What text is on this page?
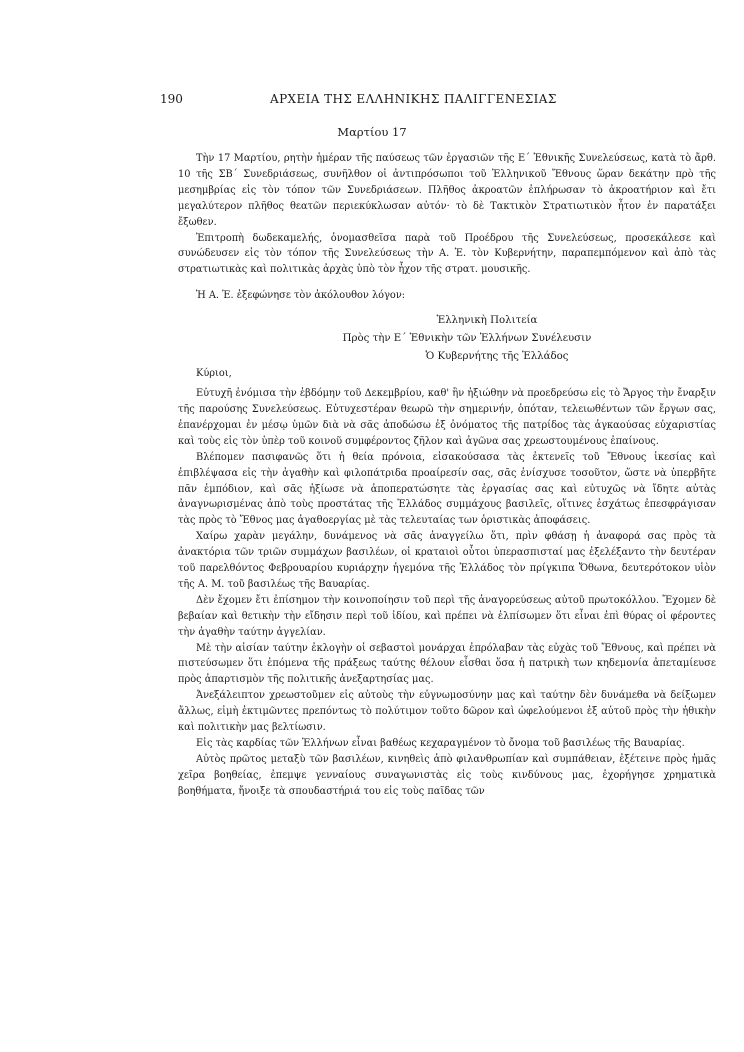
190	ΑΡΧΕΙΑ ΤΗΣ ΕΛΛΗΝΙΚΗΣ ΠΑΛΙΓΓΕΝΕΣΙΑΣ
Μαρτίου 17

Τὴν 17 Μαρτίου, ρητὴν ἡμέραν τῆς παύσεως τῶν ἐργασιῶν τῆς Ε΄ Ἐθνικῆς Συνελεύσεως, κατὰ τὸ ἄρθ. 10 τῆς ΣΒ΄ Συνεδριάσεως, συνῆλθον οἱ ἀντιπρόσωποι τοῦ Ἑλληνικοῦ Ἔθνους ὥραν δεκάτην πρὸ τῆς μεσημβρίας εἰς τὸν τόπον τῶν Συνεδριάσεων. Πλῆθος ἀκροατῶν ἐπλήρωσαν τὸ ἀκροατήριον καὶ ἔτι μεγαλύτερον πλῆθος θεατῶν περιεκύκλωσαν αὐτόν· τὸ δὲ Τακτικὸν Στρατιωτικὸν ἦτον ἐν παρατάξει ἔξωθεν.

Ἐπιτροπὴ δωδεκαμελής, ὀνομασθεῖσα παρὰ τοῦ Προέδρου τῆς Συνελεύσεως, προσεκάλεσε καὶ συνώδευσεν εἰς τὸν τόπον τῆς Συνελεύσεως τὴν Α. Ἐ. τὸν Κυβερνήτην, παραπεμπόμενον καὶ ἀπὸ τὰς στρατιωτικὰς καὶ πολιτικὰς ἀρχὰς ὑπὸ τὸν ἦχον τῆς στρατ. μουσικῆς.

Ἡ Α. Ἐ. ἐξεφώνησε τὸν ἀκόλουθον λόγον:

Ἑλληνικὴ Πολιτεία
Πρὸς τὴν Ε΄ Ἐθνικὴν τῶν Ἑλλήνων Συνέλευσιν
Ὁ Κυβερνήτης τῆς Ἑλλάδος

Κύριοι,

Εὐτυχῆ ἐνόμισα τὴν ἑβδόμην τοῦ Δεκεμβρίου, καθ' ἣν ἠξιώθην νὰ προεδρεύσω εἰς τὸ Ἄργος τὴν ἔναρξιν τῆς παρούσης Συνελεύσεως. Εὐτυχεστέραν θεωρῶ τὴν σημερινήν, ὁπόταν, τελειωθέντων τῶν ἔργων σας, ἐπανέρχομαι ἐν μέσῳ ὑμῶν διὰ νὰ σᾶς ἀποδώσω ἐξ ὀνόματος τῆς πατρίδος τὰς ἀγκαούσας εὐχαριστίας καὶ τοὺς εἰς τὸν ὑπὲρ τοῦ κοινοῦ συμφέροντος ζῆλον καὶ ἀγῶνα σας χρεωστουμένους ἐπαίνους.

Βλέπομεν πασιφανῶς ὅτι ἡ θεία πρόνοια, εἰσακούσασα τὰς ἐκτενεῖς τοῦ Ἔθνους ἱκεσίας καὶ ἐπιβλέψασα εἰς τὴν ἀγαθὴν καὶ φιλοπάτριδα προαίρεσίν σας, σᾶς ἐνίσχυσε τοσοῦτον, ὥστε νὰ ὑπερβῆτε πᾶν ἐμπόδιον, καὶ σᾶς ἠξίωσε νὰ ἀποπερατώσητε τὰς ἐργασίας σας καὶ εὐτυχῶς νὰ ἴδητε αὐτὰς ἀναγνωρισμένας ἀπὸ τοὺς προστάτας τῆς Ἑλλάδος συμμάχους βασιλεῖς, οἵτινες ἐσχάτως ἐπεσφράγισαν τὰς πρὸς τὸ Ἔθνος μας ἀγαθοεργίας μὲ τὰς τελευταίας των ὁριστικὰς ἀποφάσεις.

Χαίρω χαρὰν μεγάλην, δυνάμενος νὰ σᾶς ἀναγγείλω ὅτι, πρὶν φθάσῃ ἡ ἀναφορά σας πρὸς τὰ ἀνακτόρια τῶν τριῶν συμμάχων βασιλέων, οἱ κραταιοὶ οὗτοι ὑπερασπισταί μας ἐξελέξαντο τὴν δευτέραν τοῦ παρελθόντος Φεβρουαρίου κυριάρχην ἡγεμόνα τῆς Ἑλλάδος τὸν πρίγκιπα Ὄθωνα, δευτερότοκον υἱὸν τῆς Α. Μ. τοῦ βασιλέως τῆς Βαυαρίας.

Δὲν ἔχομεν ἔτι ἐπίσημον τὴν κοινοποίησιν τοῦ περὶ τῆς ἀναγορεύσεως αὐτοῦ πρωτοκόλλου. Ἔχομεν δὲ βεβαίαν καὶ θετικὴν τὴν εἴδησιν περὶ τοῦ ἰδίου, καὶ πρέπει νὰ ἐλπίσωμεν ὅτι εἶναι ἐπὶ θύρας οἱ φέροντες τὴν ἀγαθὴν ταύτην ἀγγελίαν.

Μὲ τὴν αἰσίαν ταύτην ἐκλογὴν οἱ σεβαστοὶ μονάρχαι ἐπρόλαβαν τὰς εὐχὰς τοῦ Ἔθνους, καὶ πρέπει νὰ πιστεύσωμεν ὅτι ἑπόμενα τῆς πράξεως ταύτης θέλουν εἶσθαι ὅσα ἡ πατρικὴ των κηδεμονία ἀπεταμίευσε πρὸς ἀπαρτισμὸν τῆς πολιτικῆς ἀνεξαρτησίας μας.

Ἀνεξάλειπτον χρεωστοῦμεν εἰς αὐτοὺς τὴν εὐγνωμοσύνην μας καὶ ταύτην δὲν δυνάμεθα νὰ δείξωμεν ἄλλως, εἰμὴ ἐκτιμῶντες πρεπόντως τὸ πολύτιμον τοῦτο δῶρον καὶ ὠφελούμενοι ἐξ αὐτοῦ πρὸς τὴν ἠθικὴν καὶ πολιτικὴν μας βελτίωσιν.

Εἰς τὰς καρδίας τῶν Ἑλλήνων εἶναι βαθέως κεχαραγμένον τὸ ὄνομα τοῦ βασιλέως τῆς Βαυαρίας.

Αὐτὸς πρῶτος μεταξὺ τῶν βασιλέων, κινηθεὶς ἀπὸ φιλανθρωπίαν καὶ συμπάθειαν, ἐξέτεινε πρὸς ἡμᾶς χεῖρα βοηθείας, ἐπεμψε γενναίους συναγωνιστὰς εἰς τοὺς κινδύνους μας, ἐχορήγησε χρηματικὰ βοηθήματα, ἤνοιξε τὰ σπουδαστήριά του εἰς τοὺς παῖδας τῶν
